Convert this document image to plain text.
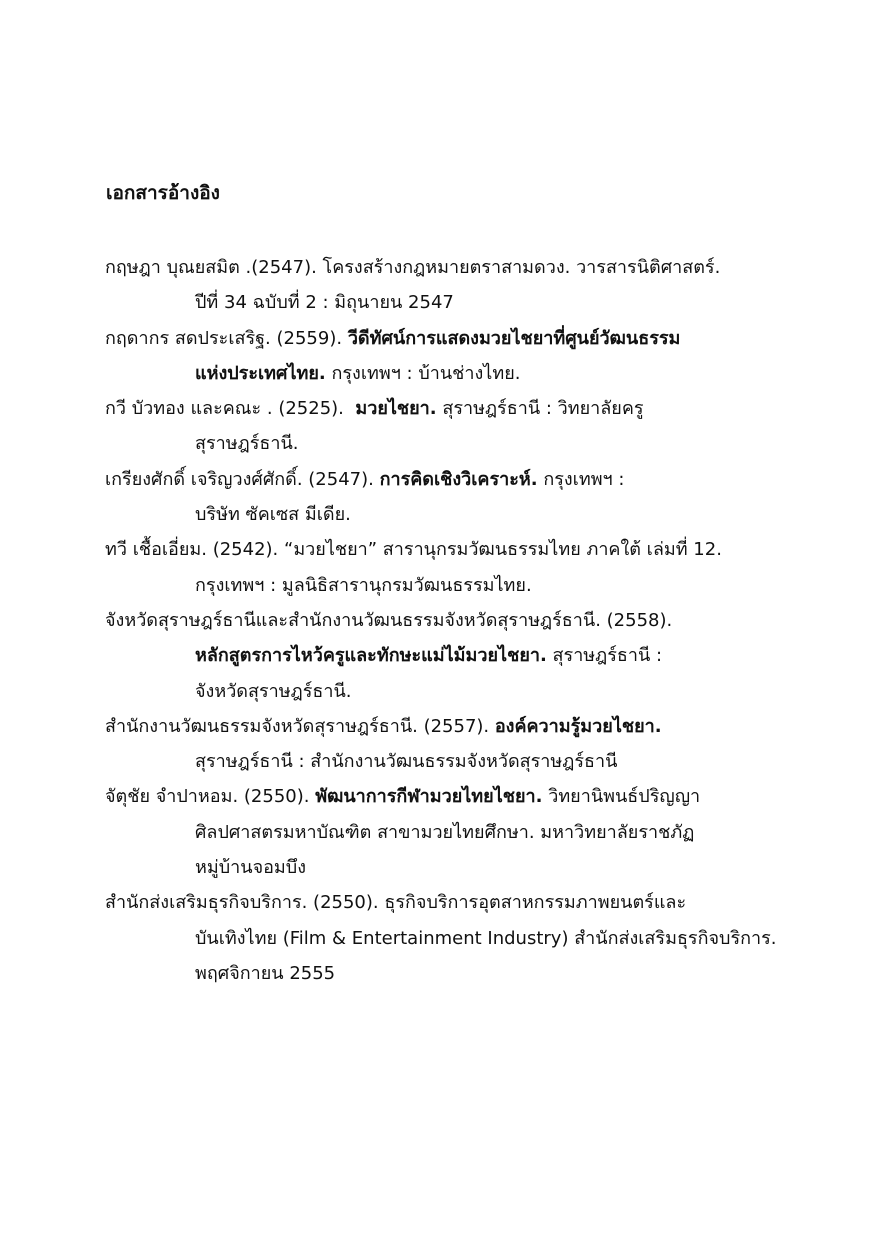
เอกสารอ้างอิง
กฤษฎา บุณยสมิต .(2547). โครงสร้างกฎหมายตราสามดวง. วารสารนิติศาสตร์.
ปีที่ 34 ฉบับที่ 2 : มิถุนายน 2547
กฤดากร สดประเสริฐ. (2559). วีดีทัศน์การแสดงมวยไชยาที่ศูนย์วัฒนธรรม
แห่งประเทศไทย. กรุงเทพฯ : บ้านช่างไทย.
กวี บัวทอง และคณะ . (2525).  มวยไชยา. สุราษฎร์ธานี : วิทยาลัยครู
สุราษฎร์ธานี.
เกรียงศักดิ์ เจริญวงศ์ศักดิ์. (2547). การคิดเชิงวิเคราะห์. กรุงเทพฯ :
บริษัท ซัคเซส มีเดีย.
ทวี เชื้อเอี่ยม. (2542). “มวยไชยา” สารานุกรมวัฒนธรรมไทย ภาคใต้ เล่มที่ 12.
กรุงเทพฯ : มูลนิธิสารานุกรมวัฒนธรรมไทย.
จังหวัดสุราษฎร์ธานีและสำนักงานวัฒนธรรมจังหวัดสุราษฎร์ธานี. (2558).
หลักสูตรการไหว้ครูและทักษะแม่ไม้มวยไชยา. สุราษฎร์ธานี :
จังหวัดสุราษฎร์ธานี.
สำนักงานวัฒนธรรมจังหวัดสุราษฎร์ธานี. (2557). องค์ความรู้มวยไชยา.
สุราษฎร์ธานี : สำนักงานวัฒนธรรมจังหวัดสุราษฎร์ธานี
จัตุชัย จำปาหอม. (2550). พัฒนาการกีฬามวยไทยไชยา. วิทยานิพนธ์ปริญญา
ศิลปศาสตรมหาบัณฑิต สาขามวยไทยศึกษา. มหาวิทยาลัยราชภัฏ
หมู่บ้านจอมบึง
สำนักส่งเสริมธุรกิจบริการ. (2550). ธุรกิจบริการอุตสาหกรรมภาพยนตร์และ
บันเทิงไทย (Film & Entertainment Industry) สำนักส่งเสริมธุรกิจบริการ.
พฤศจิกายน 2555
